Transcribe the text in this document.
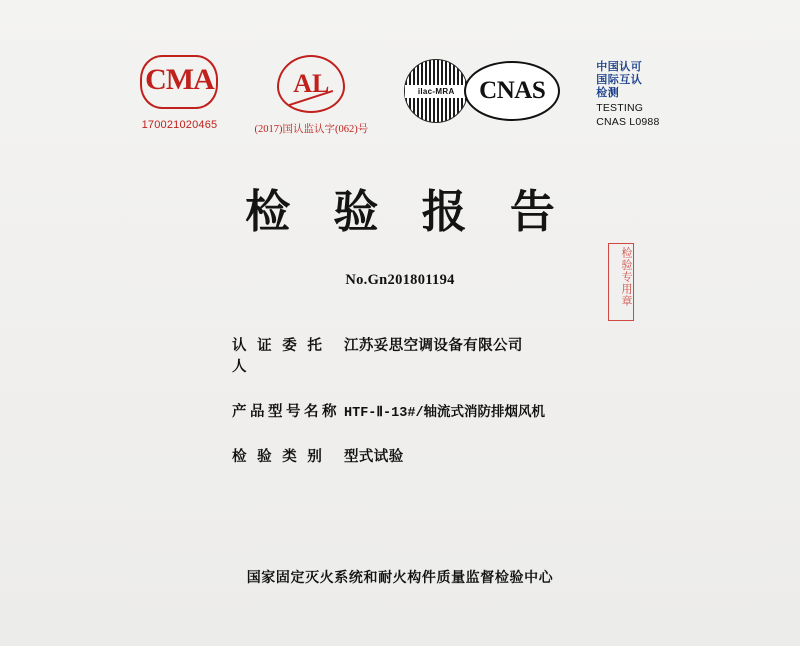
CMA
170021020465
AL
(2017)国认监认字(062)号
ilac-MRA CNAS
中国认可
国际互认
检测
TESTING
CNAS L0988
检 验 报 告
No.Gn201801194	检验专用章
认 证 委 托 人
江苏妥思空调设备有限公司
产品型号名称 HTF-Ⅱ-13#/轴流式消防排烟风机
检 验 类 别	型式试验
国家固定灭火系统和耐火构件质量监督检验中心
